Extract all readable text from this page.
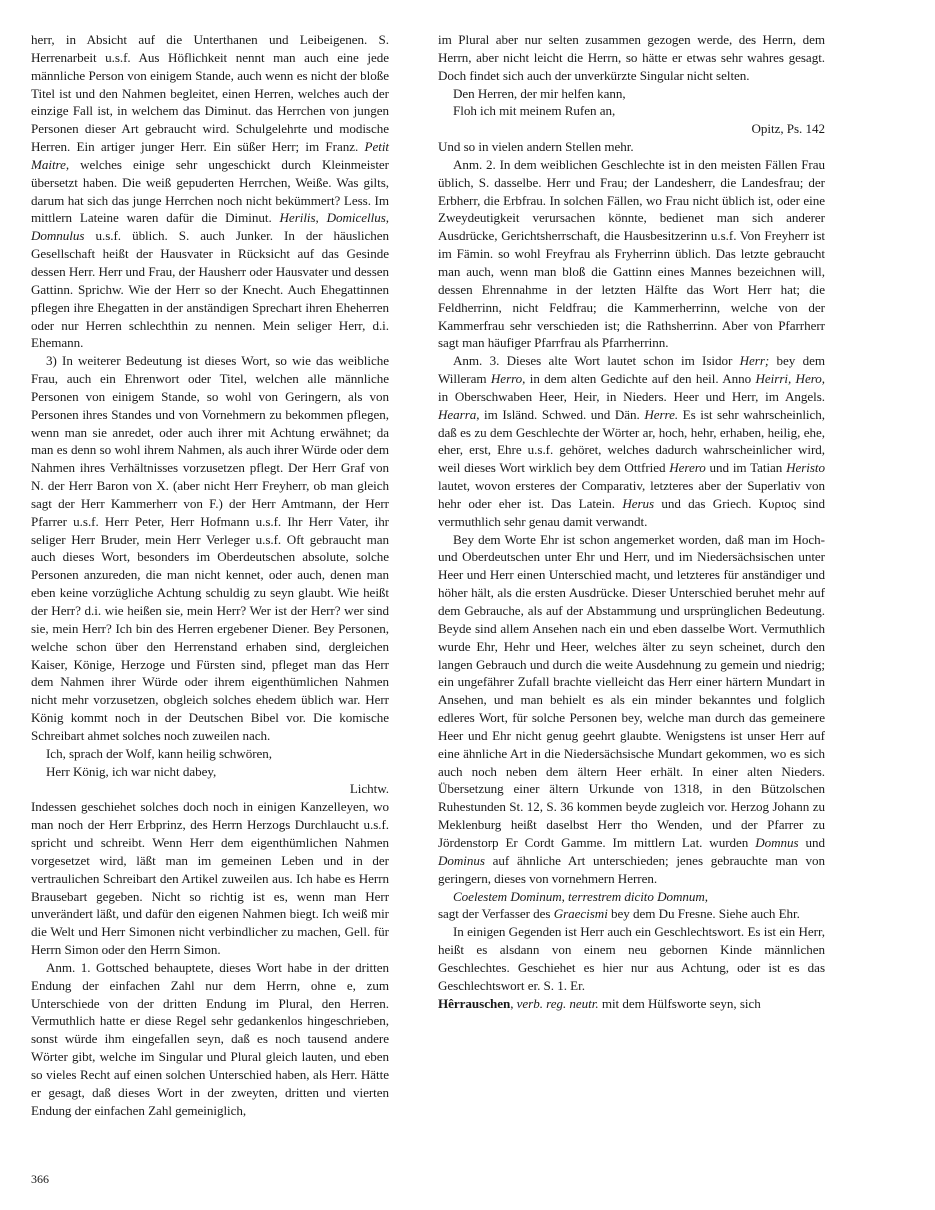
herr, in Absicht auf die Unterthanen und Leibeigenen. S. Herrenarbeit u.s.f. Aus Höflichkeit nennt man auch eine jede männliche Person von einigem Stande, auch wenn es nicht der bloße Titel ist und den Nahmen begleitet, einen Herren, welches auch der einzige Fall ist, in welchem das Diminut. das Herrchen von jungen Personen dieser Art gebraucht wird. Schulgelehrte und modische Herren. Ein artiger junger Herr. Ein süßer Herr; im Franz. Petit Maitre, welches einige sehr ungeschickt durch Kleinmeister übersetzt haben. Die weiß gepuderten Herrchen, Weiße. Was gilts, darum hat sich das junge Herrchen noch nicht bekümmert? Less. Im mittlern Lateine waren dafür die Diminut. Herilis, Domicellus, Domnulus u.s.f. üblich. S. auch Junker. In der häuslichen Gesellschaft heißt der Hausvater in Rücksicht auf das Gesinde dessen Herr. Herr und Frau, der Hausherr oder Hausvater und dessen Gattinn. Sprichw. Wie der Herr so der Knecht. Auch Ehegattinnen pflegen ihre Ehegatten in der anständigen Sprechart ihren Eheherren oder nur Herren schlechthin zu nennen. Mein seliger Herr, d.i. Ehemann.

3) In weiterer Bedeutung ist dieses Wort, so wie das weibliche Frau, auch ein Ehrenwort oder Titel, welchen alle männliche Personen von einigem Stande, so wohl von Geringern, als von Personen ihres Standes und von Vornehmern zu bekommen pflegen, wenn man sie anredet, oder auch ihrer mit Achtung erwähnet; da man es denn so wohl ihrem Nahmen, als auch ihrer Würde oder dem Nahmen ihres Verhältnisses vorzusetzen pflegt. Der Herr Graf von N. der Herr Baron von X. (aber nicht Herr Freyherr, ob man gleich sagt der Herr Kammerherr von F.) der Herr Amtmann, der Herr Pfarrer u.s.f. Herr Peter, Herr Hofmann u.s.f. Ihr Herr Vater, ihr seliger Herr Bruder, mein Herr Verleger u.s.f. Oft gebraucht man auch dieses Wort, besonders im Oberdeutschen absolute, solche Personen anzureden, die man nicht kennet, oder auch, denen man eben keine vorzügliche Achtung schuldig zu seyn glaubt. Wie heißt der Herr? d.i. wie heißen sie, mein Herr? Wer ist der Herr? wer sind sie, mein Herr? Ich bin des Herren ergebener Diener. Bey Personen, welche schon über den Herrenstand erhaben sind, dergleichen Kaiser, Könige, Herzoge und Fürsten sind, pfleget man das Herr dem Nahmen ihrer Würde oder ihrem eigenthümlichen Nahmen nicht mehr vorzusetzen, obgleich solches ehedem üblich war. Herr König kommt noch in der Deutschen Bibel vor. Die komische Schreibart ahmet solches noch zuweilen nach.

Ich, sprach der Wolf, kann heilig schwören,

Herr König, ich war nicht dabey,

Lichtw.

Indessen geschiehet solches doch noch in einigen Kanzelleyen, wo man noch der Herr Erbprinz, des Herrn Herzogs Durchlaucht u.s.f. spricht und schreibt. Wenn Herr dem eigenthümlichen Nahmen vorgesetzet wird, läßt man im gemeinen Leben und in der vertraulichen Schreibart den Artikel zuweilen aus. Ich habe es Herrn Brausebart gegeben. Nicht so richtig ist es, wenn man Herr unverändert läßt, und dafür den eigenen Nahmen biegt. Ich weiß mir die Welt und Herr Simonen nicht verbindlicher zu machen, Gell. für Herrn Simon oder den Herrn Simon.

Anm. 1. Gottsched behauptete, dieses Wort habe in der dritten Endung der einfachen Zahl nur dem Herrn, ohne e, zum Unterschiede von der dritten Endung im Plural, den Herren. Vermuthlich hatte er diese Regel sehr gedankenlos hingeschrieben, sonst würde ihm eingefallen seyn, daß es noch tausend andere Wörter gibt, welche im Singular und Plural gleich lauten, und eben so vieles Recht auf einen solchen Unterschied haben, als Herr. Hätte er gesagt, daß dieses Wort in der zweyten, dritten und vierten Endung der einfachen Zahl gemeiniglich,

im Plural aber nur selten zusammen gezogen werde, des Herrn, dem Herrn, aber nicht leicht die Herrn, so hätte er etwas sehr wahres gesagt. Doch findet sich auch der unverkürzte Singular nicht selten.

Den Herren, der mir helfen kann,

Floh ich mit meinem Rufen an,

Opitz, Ps. 142

Und so in vielen andern Stellen mehr.

Anm. 2. In dem weiblichen Geschlechte ist in den meisten Fällen Frau üblich, S. dasselbe. Herr und Frau; der Landesherr, die Landesfrau; der Erbherr, die Erbfrau. In solchen Fällen, wo Frau nicht üblich ist, oder eine Zweydeutigkeit verursachen könnte, bedienet man sich anderer Ausdrücke, Gerichtsherrschaft, die Hausbesitzerinn u.s.f. Von Freyherr ist im Fämin. so wohl Freyfrau als Fryherrinn üblich. Das letzte gebraucht man auch, wenn man bloß die Gattinn eines Mannes bezeichnen will, dessen Ehrennahme in der letzten Hälfte das Wort Herr hat; die Feldherrinn, nicht Feldfrau; die Kammerherrinn, welche von der Kammerfrau sehr verschieden ist; die Rathsherrinn. Aber von Pfarrherr sagt man häufiger Pfarrfrau als Pfarrherrinn.

Anm. 3. Dieses alte Wort lautet schon im Isidor Herr; bey dem Willeram Herro, in dem alten Gedichte auf den heil. Anno Heirri, Hero, in Oberschwaben Heer, Heir, in Nieders. Heer und Herr, im Angels. Hearra, im Isländ. Schwed. und Dän. Herre. Es ist sehr wahrscheinlich, daß es zu dem Geschlechte der Wörter ar, hoch, hehr, erhaben, heilig, ehe, eher, erst, Ehre u.s.f. gehöret, welches dadurch wahrscheinlicher wird, weil dieses Wort wirklich bey dem Ottfried Herero und im Tatian Heristo lautet, wovon ersteres der Comparativ, letzteres aber der Superlativ von hehr oder eher ist. Das Latein. Herus und das Griech. Κυριος sind vermuthlich sehr genau damit verwandt.

Bey dem Worte Ehr ist schon angemerket worden, daß man im Hoch- und Oberdeutschen unter Ehr und Herr, und im Niedersächsischen unter Heer und Herr einen Unterschied macht, und letzteres für anständiger und höher hält, als die ersten Ausdrücke. Dieser Unterschied beruhet mehr auf dem Gebrauche, als auf der Abstammung und ursprünglichen Bedeutung. Beyde sind allem Ansehen nach ein und eben dasselbe Wort. Vermuthlich wurde Ehr, Hehr und Heer, welches älter zu seyn scheinet, durch den langen Gebrauch und durch die weite Ausdehnung zu gemein und niedrig; ein ungefährer Zufall brachte vielleicht das Herr einer härtern Mundart in Ansehen, und man behielt es als ein minder bekanntes und folglich edleres Wort, für solche Personen bey, welche man durch das gemeinere Heer und Ehr nicht genug geehrt glaubte. Wenigstens ist unser Herr auf eine ähnliche Art in die Niedersächsische Mundart gekommen, wo es sich auch noch neben dem ältern Heer erhält. In einer alten Nieders. Übersetzung einer ältern Urkunde von 1318, in den Bützolschen Ruhestunden St. 12, S. 36 kommen beyde zugleich vor. Herzog Johann zu Meklenburg heißt daselbst Herr tho Wenden, und der Pfarrer zu Jördenstorp Er Cordt Gamme. Im mittlern Lat. wurden Domnus und Dominus auf ähnliche Art unterschieden; jenes gebrauchte man von geringern, dieses von vornehmern Herren.

Coelestem Dominum, terrestrem dicito Domnum,

sagt der Verfasser des Graecismi bey dem Du Fresne. Siehe auch Ehr.

In einigen Gegenden ist Herr auch ein Geschlechtswort. Es ist ein Herr, heißt es alsdann von einem neu gebornen Kinde männlichen Geschlechtes. Geschiehet es hier nur aus Achtung, oder ist es das Geschlechtswort er. S. 1. Er.

Hêrrauschen, verb. reg. neutr. mit dem Hülfsworte seyn, sich

366
